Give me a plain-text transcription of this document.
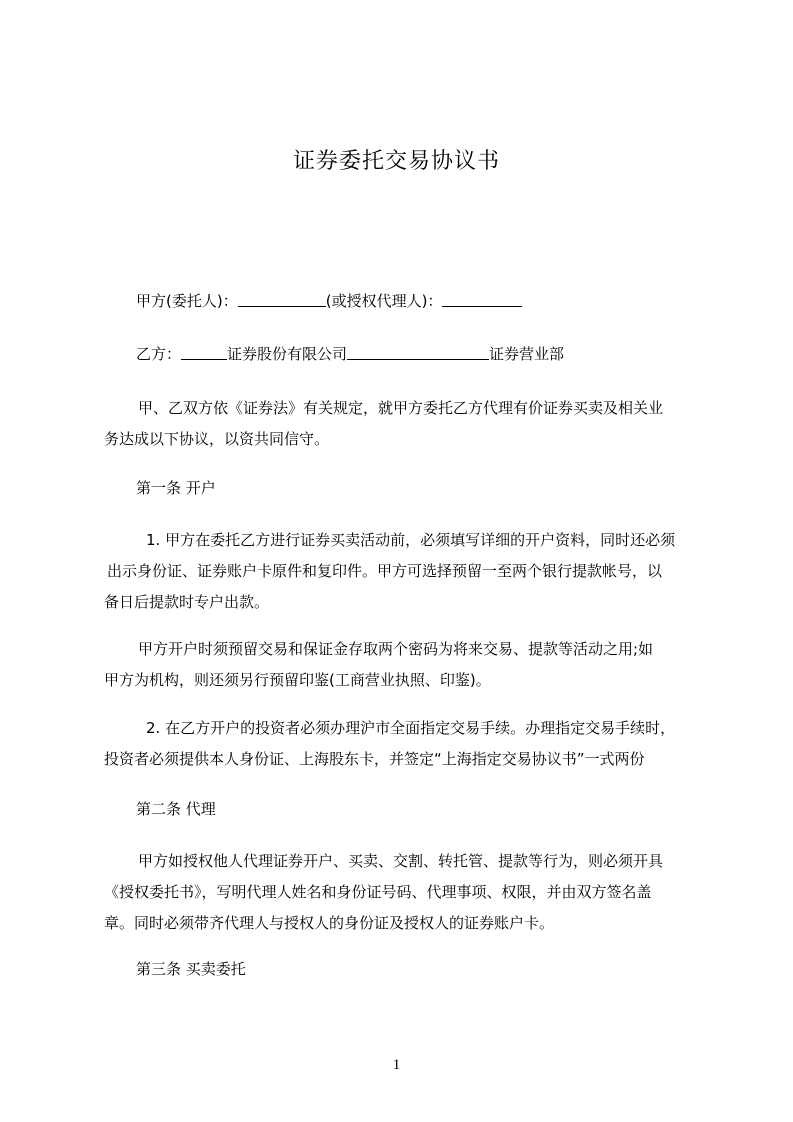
证券委托交易协议书
甲方(委托人)：	(或授权代理人)：
乙方：	证券股份有限公司	证券营业部
甲、乙双方依《证券法》有关规定，就甲方委托乙方代理有价证券买卖及相关业
务达成以下协议，以资共同信守。
第一条 开户
1. 甲方在委托乙方进行证券买卖活动前，必须填写详细的开户资料，同时还必须
出示身份证、证券账户卡原件和复印件。甲方可选择预留一至两个银行提款帐号，以
备日后提款时专户出款。
甲方开户时须预留交易和保证金存取两个密码为将来交易、提款等活动之用;如
甲方为机构，则还须另行预留印鉴(工商营业执照、印鉴)。
2. 在乙方开户的投资者必须办理沪市全面指定交易手续。办理指定交易手续时，
投资者必须提供本人身份证、上海股东卡，并签定“上海指定交易协议书”一式两份
第二条 代理
甲方如授权他人代理证券开户、买卖、交割、转托管、提款等行为，则必须开具
《授权委托书》，写明代理人姓名和身份证号码、代理事项、权限，并由双方签名盖
章。同时必须带齐代理人与授权人的身份证及授权人的证券账户卡。
第三条 买卖委托
1
